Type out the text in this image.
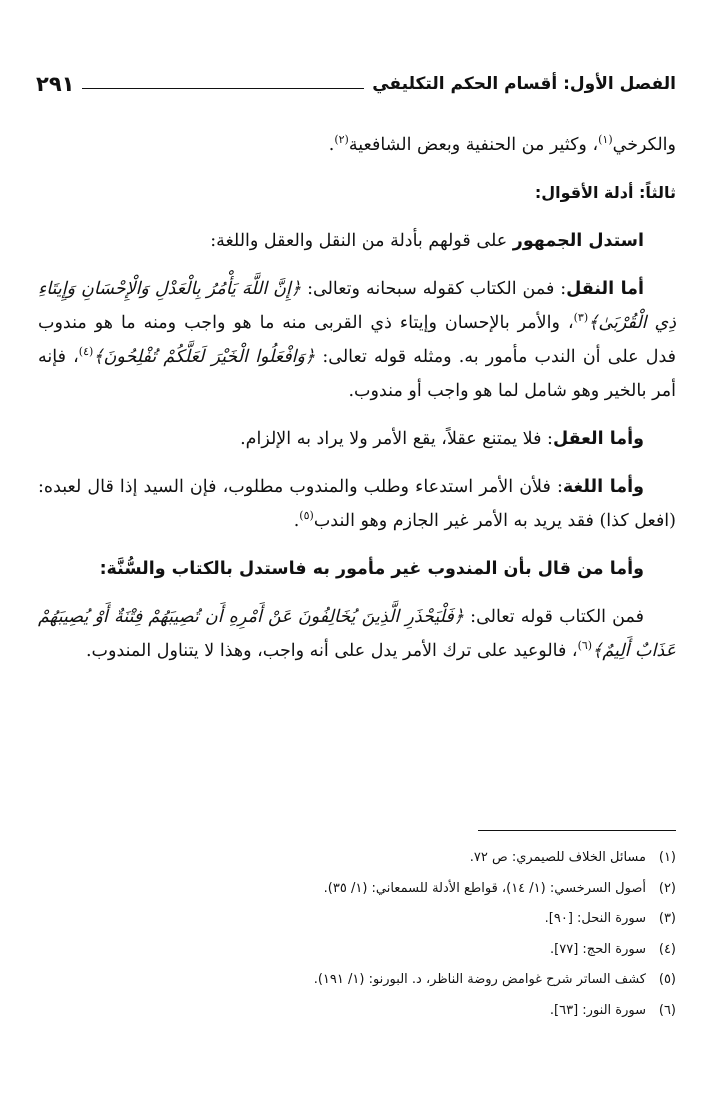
الفصل الأول: أقسام الحكم التكليفي
٢٩١

والكرخي$^{(١)}$، وكثير من الحنفية وبعض الشافعية$^{(٢)}$.

ثالثاً: أدلة الأقوال:

استدل الجمهور على قولهم بأدلة من النقل والعقل واللغة:

أما النقل: فمن الكتاب كقوله سبحانه وتعالى: ﴿إِنَّ اللَّهَ يَأْمُرُ بِالْعَدْلِ وَالْإِحْسَانِ وَإِيتَاءِ ذِي الْقُرْبَىٰ﴾$^{(٣)}$، والأمر بالإحسان وإيتاء ذي القربى منه ما هو واجب ومنه ما هو مندوب فدل على أن الندب مأمور به. ومثله قوله تعالى: ﴿وَافْعَلُوا الْخَيْرَ لَعَلَّكُمْ تُفْلِحُونَ﴾$^{(٤)}$، فإنه أمر بالخير وهو شامل لما هو واجب أو مندوب.

وأما العقل: فلا يمتنع عقلاً، يقع الأمر ولا يراد به الإلزام.

وأما اللغة: فلأن الأمر استدعاء وطلب والمندوب مطلوب، فإن السيد إذا قال لعبده: (افعل كذا) فقد يريد به الأمر غير الجازم وهو الندب$^{(٥)}$.

وأما من قال بأن المندوب غير مأمور به فاستدل بالكتاب والسُّنَّة:

فمن الكتاب قوله تعالى: ﴿فَلْيَحْذَرِ الَّذِينَ يُخَالِفُونَ عَنْ أَمْرِهِ أَن تُصِيبَهُمْ فِتْنَةٌ أَوْ يُصِيبَهُمْ عَذَابٌ أَلِيمٌ﴾$^{(٦)}$، فالوعيد على ترك الأمر يدل على أنه واجب، وهذا لا يتناول المندوب.

(١)
مسائل الخلاف للصيمري: ص ٧٢.
(٢)
أصول السرخسي: (١/ ١٤)، قواطع الأدلة للسمعاني: (١/ ٣٥).
(٣)
سورة النحل: [٩٠].
(٤)
سورة الحج: [٧٧].
(٥)
كشف الساتر شرح غوامض روضة الناظر، د. البورنو: (١/ ١٩١).
(٦)
سورة النور: [٦٣].
